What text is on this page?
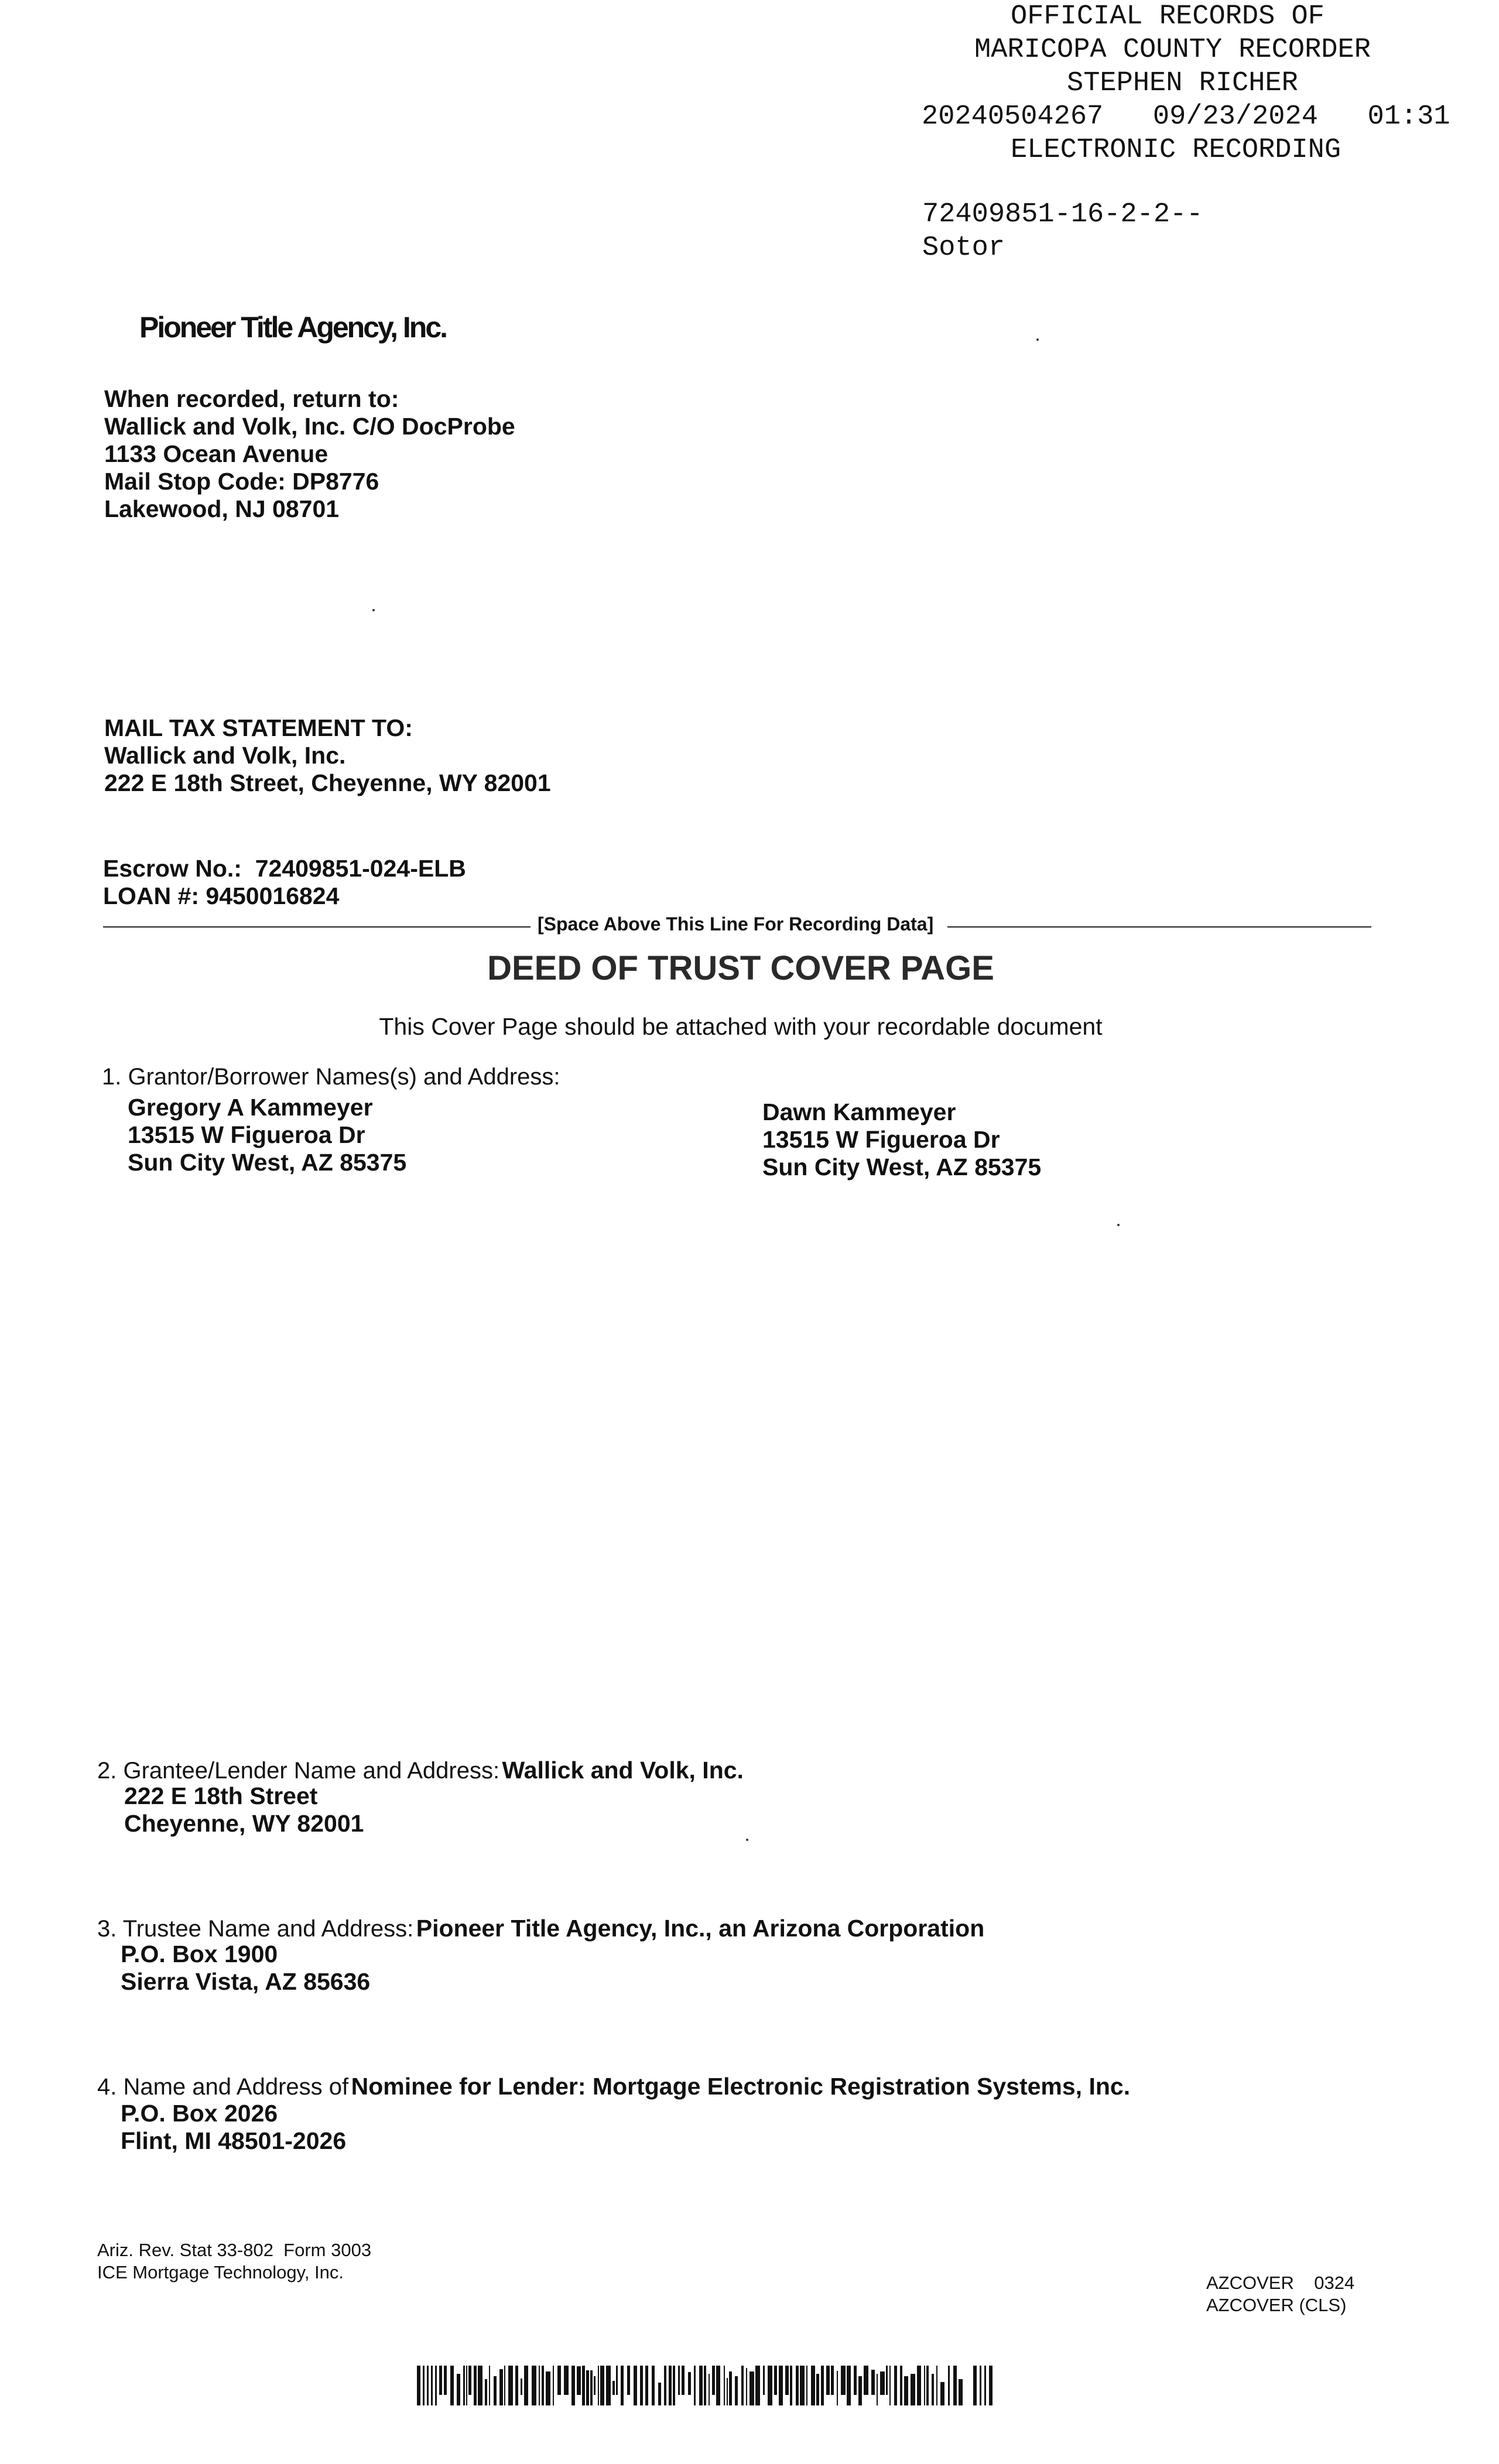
OFFICIAL RECORDS OF
MARICOPA COUNTY RECORDER
STEPHEN RICHER
20240504267   09/23/2024   01:31
ELECTRONIC RECORDING
72409851-16-2-2--
Sotor
Pioneer Title Agency, Inc.
When recorded, return to:
Wallick and Volk, Inc. C/O DocProbe
1133 Ocean Avenue
Mail Stop Code: DP8776
Lakewood, NJ 08701
MAIL TAX STATEMENT TO:
Wallick and Volk, Inc.
222 E 18th Street, Cheyenne, WY 82001
Escrow No.:  72409851-024-ELB
LOAN #: 9450016824
[Space Above This Line For Recording Data]
DEED OF TRUST COVER PAGE
This Cover Page should be attached with your recordable document
1. Grantor/Borrower Names(s) and Address:
Gregory A Kammeyer
13515 W Figueroa Dr
Sun City West, AZ 85375
Dawn Kammeyer
13515 W Figueroa Dr
Sun City West, AZ 85375
2. Grantee/Lender Name and Address: Wallick and Volk, Inc.
222 E 18th Street
Cheyenne, WY 82001
3. Trustee Name and Address: Pioneer Title Agency, Inc., an Arizona Corporation
P.O. Box 1900
Sierra Vista, AZ 85636
4. Name and Address of Nominee for Lender: Mortgage Electronic Registration Systems, Inc.
P.O. Box 2026
Flint, MI 48501-2026
Ariz. Rev. Stat 33-802  Form 3003
ICE Mortgage Technology, Inc.
AZCOVER    0324
AZCOVER (CLS)
